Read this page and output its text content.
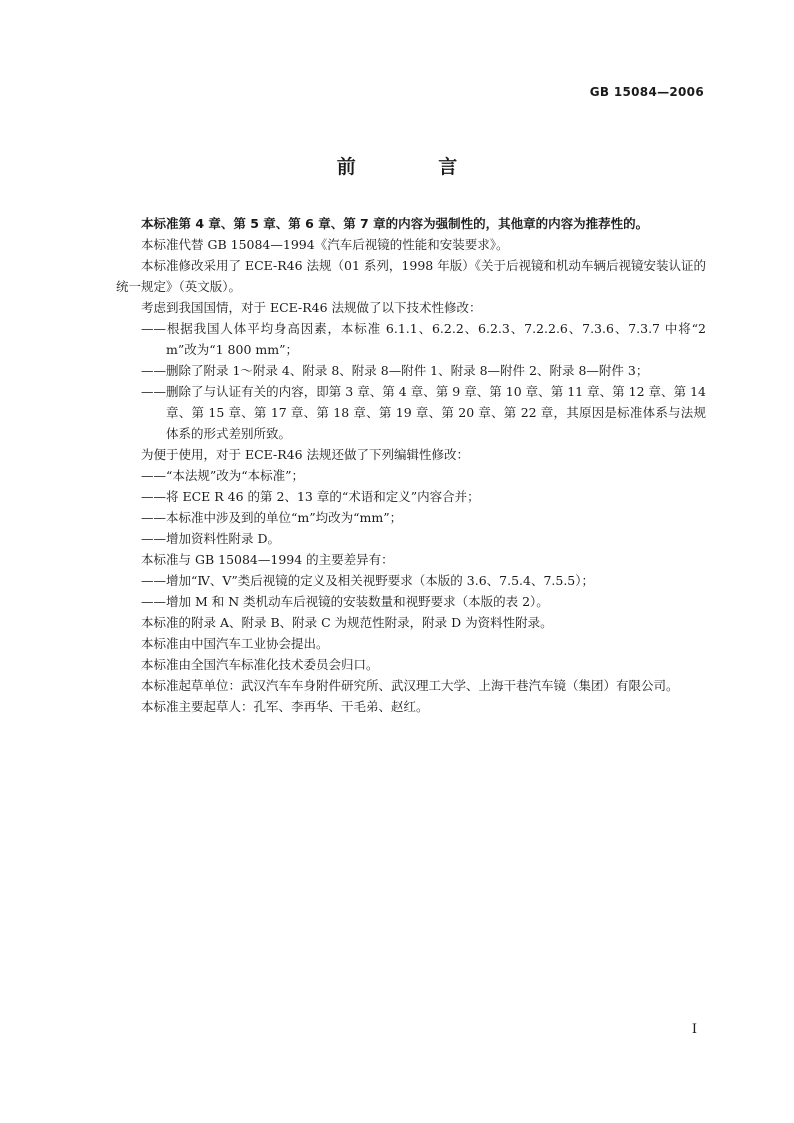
GB 15084—2006
前 言

本标准第 4 章、第 5 章、第 6 章、第 7 章的内容为强制性的，其他章的内容为推荐性的。

本标准代替 GB 15084—1994《汽车后视镜的性能和安装要求》。

本标准修改采用了 ECE-R46 法规（01 系列，1998 年版）《关于后视镜和机动车辆后视镜安装认证的统一规定》（英文版）。

考虑到我国国情，对于 ECE-R46 法规做了以下技术性修改：

——根据我国人体平均身高因素，本标准 6.1.1、6.2.2、6.2.3、7.2.2.6、7.3.6、7.3.7 中将“2 m”改为“1 800 mm”；

——删除了附录 1～附录 4、附录 8、附录 8—附件 1、附录 8—附件 2、附录 8—附件 3；

——删除了与认证有关的内容，即第 3 章、第 4 章、第 9 章、第 10 章、第 11 章、第 12 章、第 14 章、第 15 章、第 17 章、第 18 章、第 19 章、第 20 章、第 22 章，其原因是标准体系与法规体系的形式差别所致。

为便于使用，对于 ECE-R46 法规还做了下列编辑性修改：

——“本法规”改为“本标准”；

——将 ECE R 46 的第 2、13 章的“术语和定义”内容合并；

——本标准中涉及到的单位“m”均改为“mm”；

——增加资料性附录 D。

本标准与 GB 15084—1994 的主要差异有：

——增加“Ⅳ、Ⅴ”类后视镜的定义及相关视野要求（本版的 3.6、7.5.4、7.5.5）；

——增加 M 和 N 类机动车后视镜的安装数量和视野要求（本版的表 2）。

本标准的附录 A、附录 B、附录 C 为规范性附录，附录 D 为资料性附录。

本标准由中国汽车工业协会提出。

本标准由全国汽车标准化技术委员会归口。

本标准起草单位：武汉汽车车身附件研究所、武汉理工大学、上海干巷汽车镜（集团）有限公司。

本标准主要起草人：孔军、李再华、干毛弟、赵红。

I
